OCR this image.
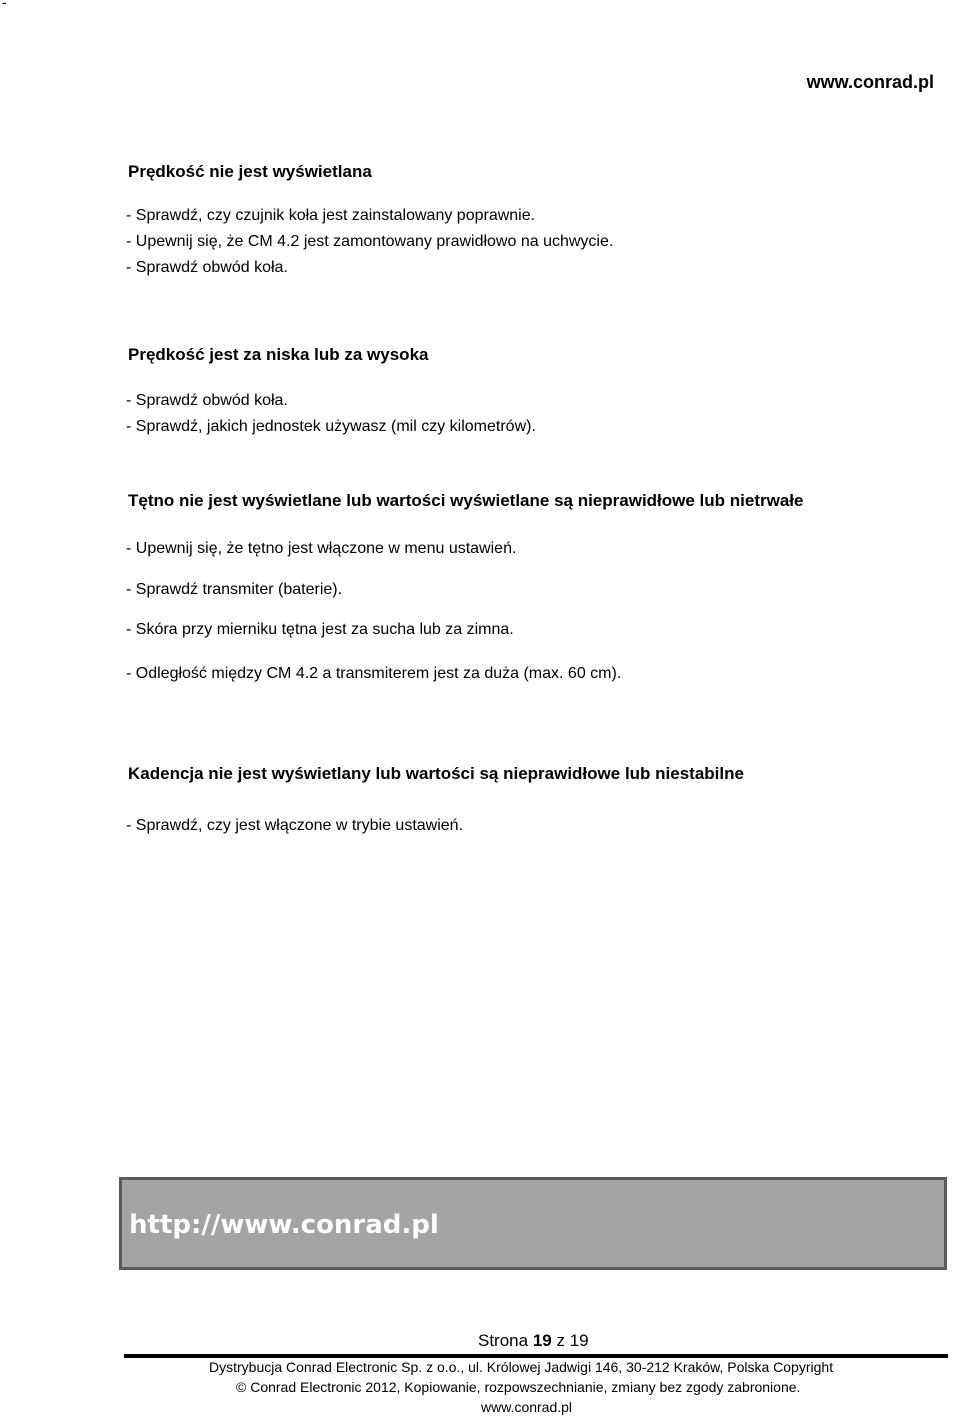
-
www.conrad.pl
Prędkość nie jest wyświetlana
- Sprawdź, czy czujnik koła jest zainstalowany poprawnie.
- Upewnij się, że CM 4.2 jest zamontowany prawidłowo na uchwycie.
- Sprawdź obwód koła.
Prędkość jest za niska lub za wysoka
- Sprawdź obwód koła.
- Sprawdź, jakich jednostek używasz (mil czy kilometrów).
Tętno nie jest wyświetlane lub wartości wyświetlane są nieprawidłowe lub nietrwałe
- Upewnij się, że tętno jest włączone w menu ustawień.
- Sprawdź transmiter (baterie).
- Skóra przy mierniku tętna jest za sucha lub za zimna.
- Odległość między CM 4.2 a transmiterem jest za duża (max. 60 cm).
Kadencja nie jest wyświetlany lub wartości są nieprawidłowe lub niestabilne
- Sprawdź, czy jest włączone w trybie ustawień.
http://www.conrad.pl
Strona 19 z 19
Dystrybucja Conrad Electronic Sp. z o.o., ul. Królowej Jadwigi 146, 30-212 Kraków, Polska Copyright
© Conrad Electronic 2012, Kopiowanie, rozpowszechnianie, zmiany bez zgody zabronione.
www.conrad.pl
